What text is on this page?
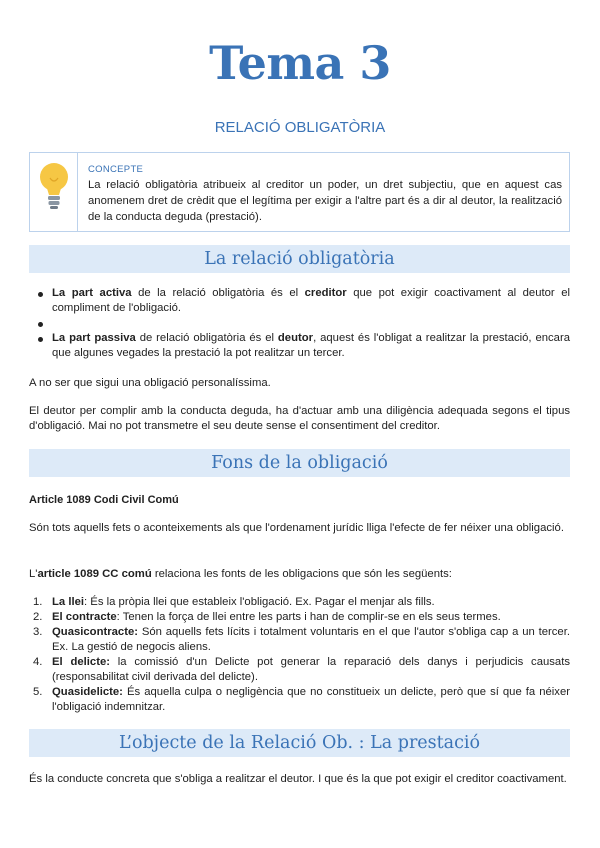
Tema 3
RELACIÓ OBLIGATÒRIA
CONCEPTE
La relació obligatòria atribueix al creditor un poder, un dret subjectiu, que en aquest cas anomenem dret de crèdit que el legítima per exigir a l'altre part és a dir al deutor, la realització de la conducta deguda (prestació).
La relació obligatòria
La part activa de la relació obligatòria és el creditor que pot exigir coactivament al deutor el compliment de l'obligació.

La part passiva de relació obligatòria és el deutor, aquest és l'obligat a realitzar la prestació, encara que algunes vegades la prestació la pot realitzar un tercer.
A no ser que sigui una obligació personalíssima.
El deutor per complir amb la conducta deguda, ha d'actuar amb una diligència adequada segons el tipus d'obligació. Mai no pot transmetre el seu deute sense el consentiment del creditor.
Fons de la obligació
Article 1089 Codi Civil Comú
Són tots aquells fets o aconteixements als que l'ordenament jurídic lliga l'efecte de fer néixer una obligació.
L'article 1089 CC comú relaciona les fonts de les obligacions que són les següents:
1. La llei: És la pròpia llei que estableix l'obligació. Ex. Pagar el menjar als fills.
2. El contracte: Tenen la força de llei entre les parts i han de complir-se en els seus termes.
3. Quasicontracte: Són aquells fets lícits i totalment voluntaris en el que l'autor s'obliga cap a un tercer. Ex. La gestió de negocis aliens.
4. El delicte: la comissió d'un Delicte pot generar la reparació dels danys i perjudicis causats (responsabilitat civil derivada del delicte).
5. Quasidelicte: És aquella culpa o negligència que no constitueix un delicte, però que sí que fa néixer l'obligació indemnitzar.
L’objecte de la Relació Ob. : La prestació
És la conducte concreta que s'obliga a realitzar el deutor. I que és la que pot exigir el creditor coactivament.
